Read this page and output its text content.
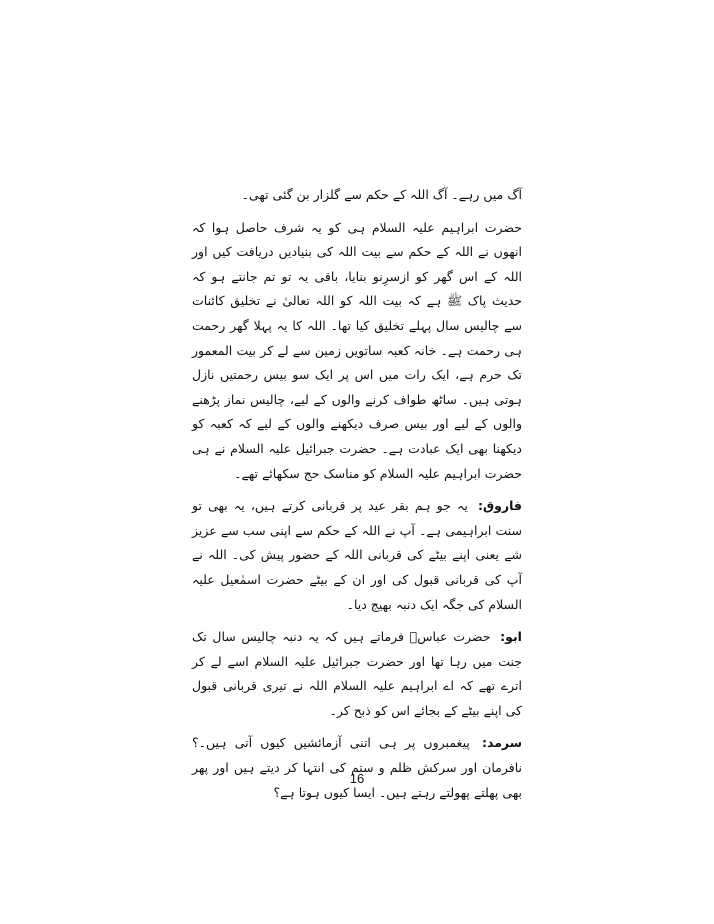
آگ میں رہے۔ آگ اللہ کے حکم سے گلزار بن گئی تھی۔

حضرت ابراہیم علیہ السلام ہی کو یہ شرف حاصل ہوا کہ انھوں نے اللہ کے حکم سے بیت اللہ کی بنیادیں دریافت کیں اور اللہ کے اس گھر کو ازسرِنو بنایا، باقی یہ تو تم جانتے ہو کہ حدیث پاک ﷺ ہے کہ بیت اللہ کو اللہ تعالیٰ نے تخلیق کائنات سے چالیس سال پہلے تخلیق کیا تھا۔ اللہ کا یہ پہلا گھر رحمت ہی رحمت ہے۔ خانہ کعبہ ساتویں زمین سے لے کر بیت المعمور تک حرم ہے، ایک رات میں اس پر ایک سو بیس رحمتیں نازل ہوتی ہیں۔ ساٹھ طواف کرنے والوں کے لیے، چالیس نماز پڑھنے والوں کے لیے اور بیس صرف دیکھنے والوں کے لیے کہ کعبہ کو دیکھنا بھی ایک عبادت ہے۔ حضرت جبرائیل علیہ السلام نے ہی حضرت ابراہیم علیہ السلام کو مناسک حج سکھائے تھے۔

فاروق: یہ جو ہم بقر عید پر قربانی کرتے ہیں، یہ بھی تو سنت ابراہیمی ہے۔ آپ نے اللہ کے حکم سے اپنی سب سے عزیز شے یعنی اپنے بیٹے کی قربانی اللہ کے حضور پیش کی۔ اللہ نے آپ کی قربانی قبول کی اور ان کے بیٹے حضرت اسمٰعیل علیہ السلام کی جگہ ایک دنبہ بھیج دیا۔

ابو: حضرت عباسؓ فرماتے ہیں کہ یہ دنبہ چالیس سال تک جنت میں رہا تھا اور حضرت جبرائیل علیہ السلام اسے لے کر اترے تھے کہ اے ابراہیم علیہ السلام اللہ نے تیری قربانی قبول کی اپنے بیٹے کے بجائے اس کو ذبح کر۔

سرمد: پیغمبروں پر ہی اتنی آزمائشیں کیوں آتی ہیں۔؟ نافرمان اور سرکش ظلم و ستم کی انتہا کر دیتے ہیں اور پھر بھی پھلتے پھولتے رہتے ہیں۔ ایسا کیوں ہوتا ہے؟

16
